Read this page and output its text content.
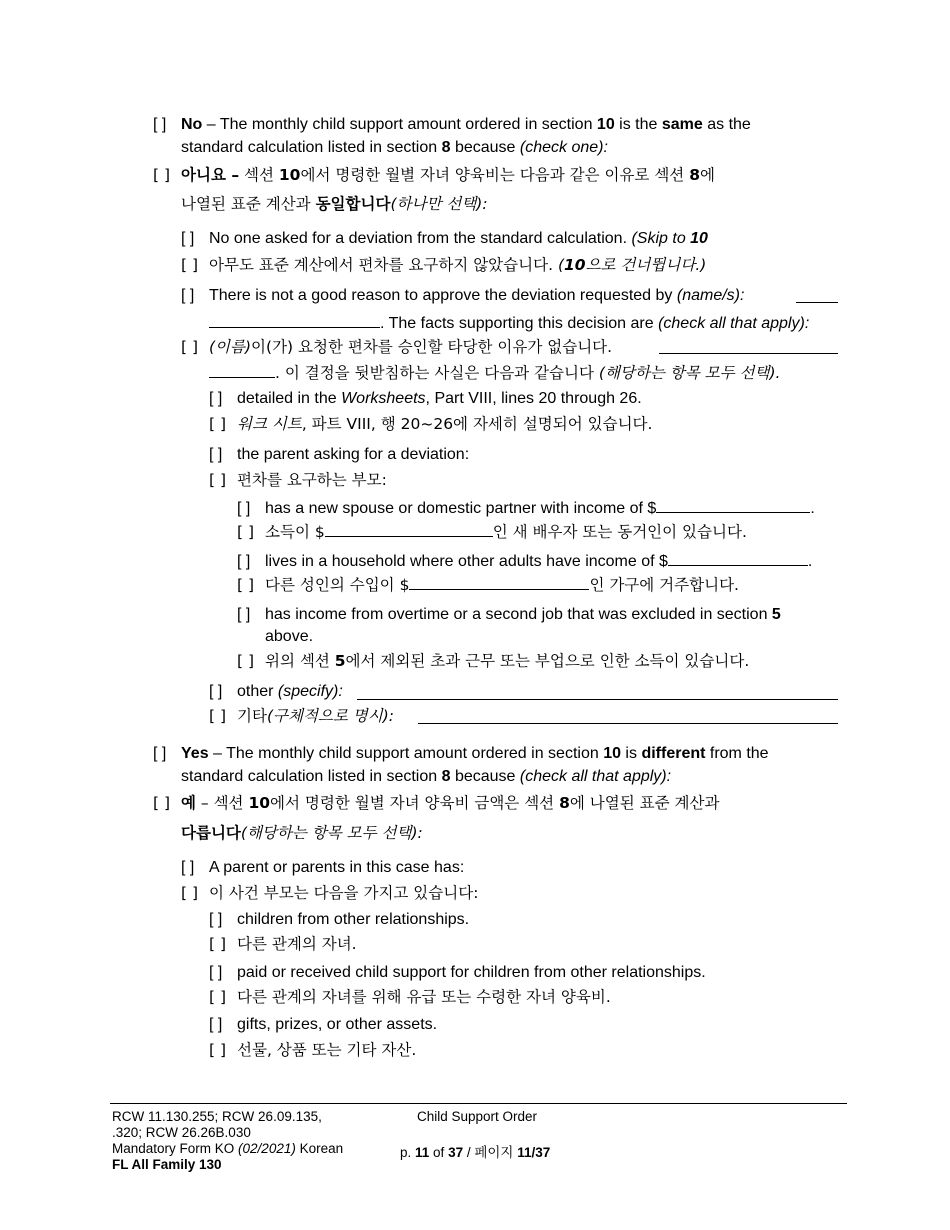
[ ] No – The monthly child support amount ordered in section 10 is the same as the
standard calculation listed in section 8 because (check one):
[ ] 아니요 – 섹션 10에서 명령한 월별 자녀 양육비는 다음과 같은 이유로 섹션 8에
나열된 표준 계산과 동일합니다(하나만 선택):
[ ] No one asked for a deviation from the standard calculation. (Skip to 10
[ ] 아무도 표준 계산에서 편차를 요구하지 않았습니다. (10으로 건너뜁니다.)
[ ] There is not a good reason to approve the deviation requested by (name/s):
. The facts supporting this decision are (check all that apply):
[ ] (이름)이(가) 요청한 편차를 승인할 타당한 이유가 없습니다.
. 이 결정을 뒷받침하는 사실은 다음과 같습니다 (해당하는 항목 모두 선택).
[ ] detailed in the Worksheets, Part VIII, lines 20 through 26.
[ ] 워크 시트, 파트 VIII, 행 20~26에 자세히 설명되어 있습니다.
[ ] the parent asking for a deviation:
[ ] 편차를 요구하는 부모:
[ ] has a new spouse or domestic partner with income of $	.
[ ] 소득이 $	인 새 배우자 또는 동거인이 있습니다.
[ ] lives in a household where other adults have income of $	.
[ ] 다른 성인의 수입이 $	인 가구에 거주합니다.
[ ] has income from overtime or a second job that was excluded in section 5
above.
[ ] 위의 섹션 5에서 제외된 초과 근무 또는 부업으로 인한 소득이 있습니다.
[ ] other (specify):
[ ] 기타(구체적으로 명시):
[ ] Yes – The monthly child support amount ordered in section 10 is different from the
standard calculation listed in section 8 because (check all that apply):
[ ] 예 – 섹션 10에서 명령한 월별 자녀 양육비 금액은 섹션 8에 나열된 표준 계산과
다릅니다(해당하는 항목 모두 선택):
[ ] A parent or parents in this case has:
[ ] 이 사건 부모는 다음을 가지고 있습니다:
[ ] children from other relationships.
[ ] 다른 관계의 자녀.
[ ] paid or received child support for children from other relationships.
[ ] 다른 관계의 자녀를 위해 유급 또는 수령한 자녀 양육비.
[ ] gifts, prizes, or other assets.
[ ] 선물, 상품 또는 기타 자산.
RCW 11.130.255; RCW 26.09.135,
.320; RCW 26.26B.030
Mandatory Form KO (02/2021) Korean
FL All Family 130
Child Support Order
p. 11 of 37 / 페이지 11/37
